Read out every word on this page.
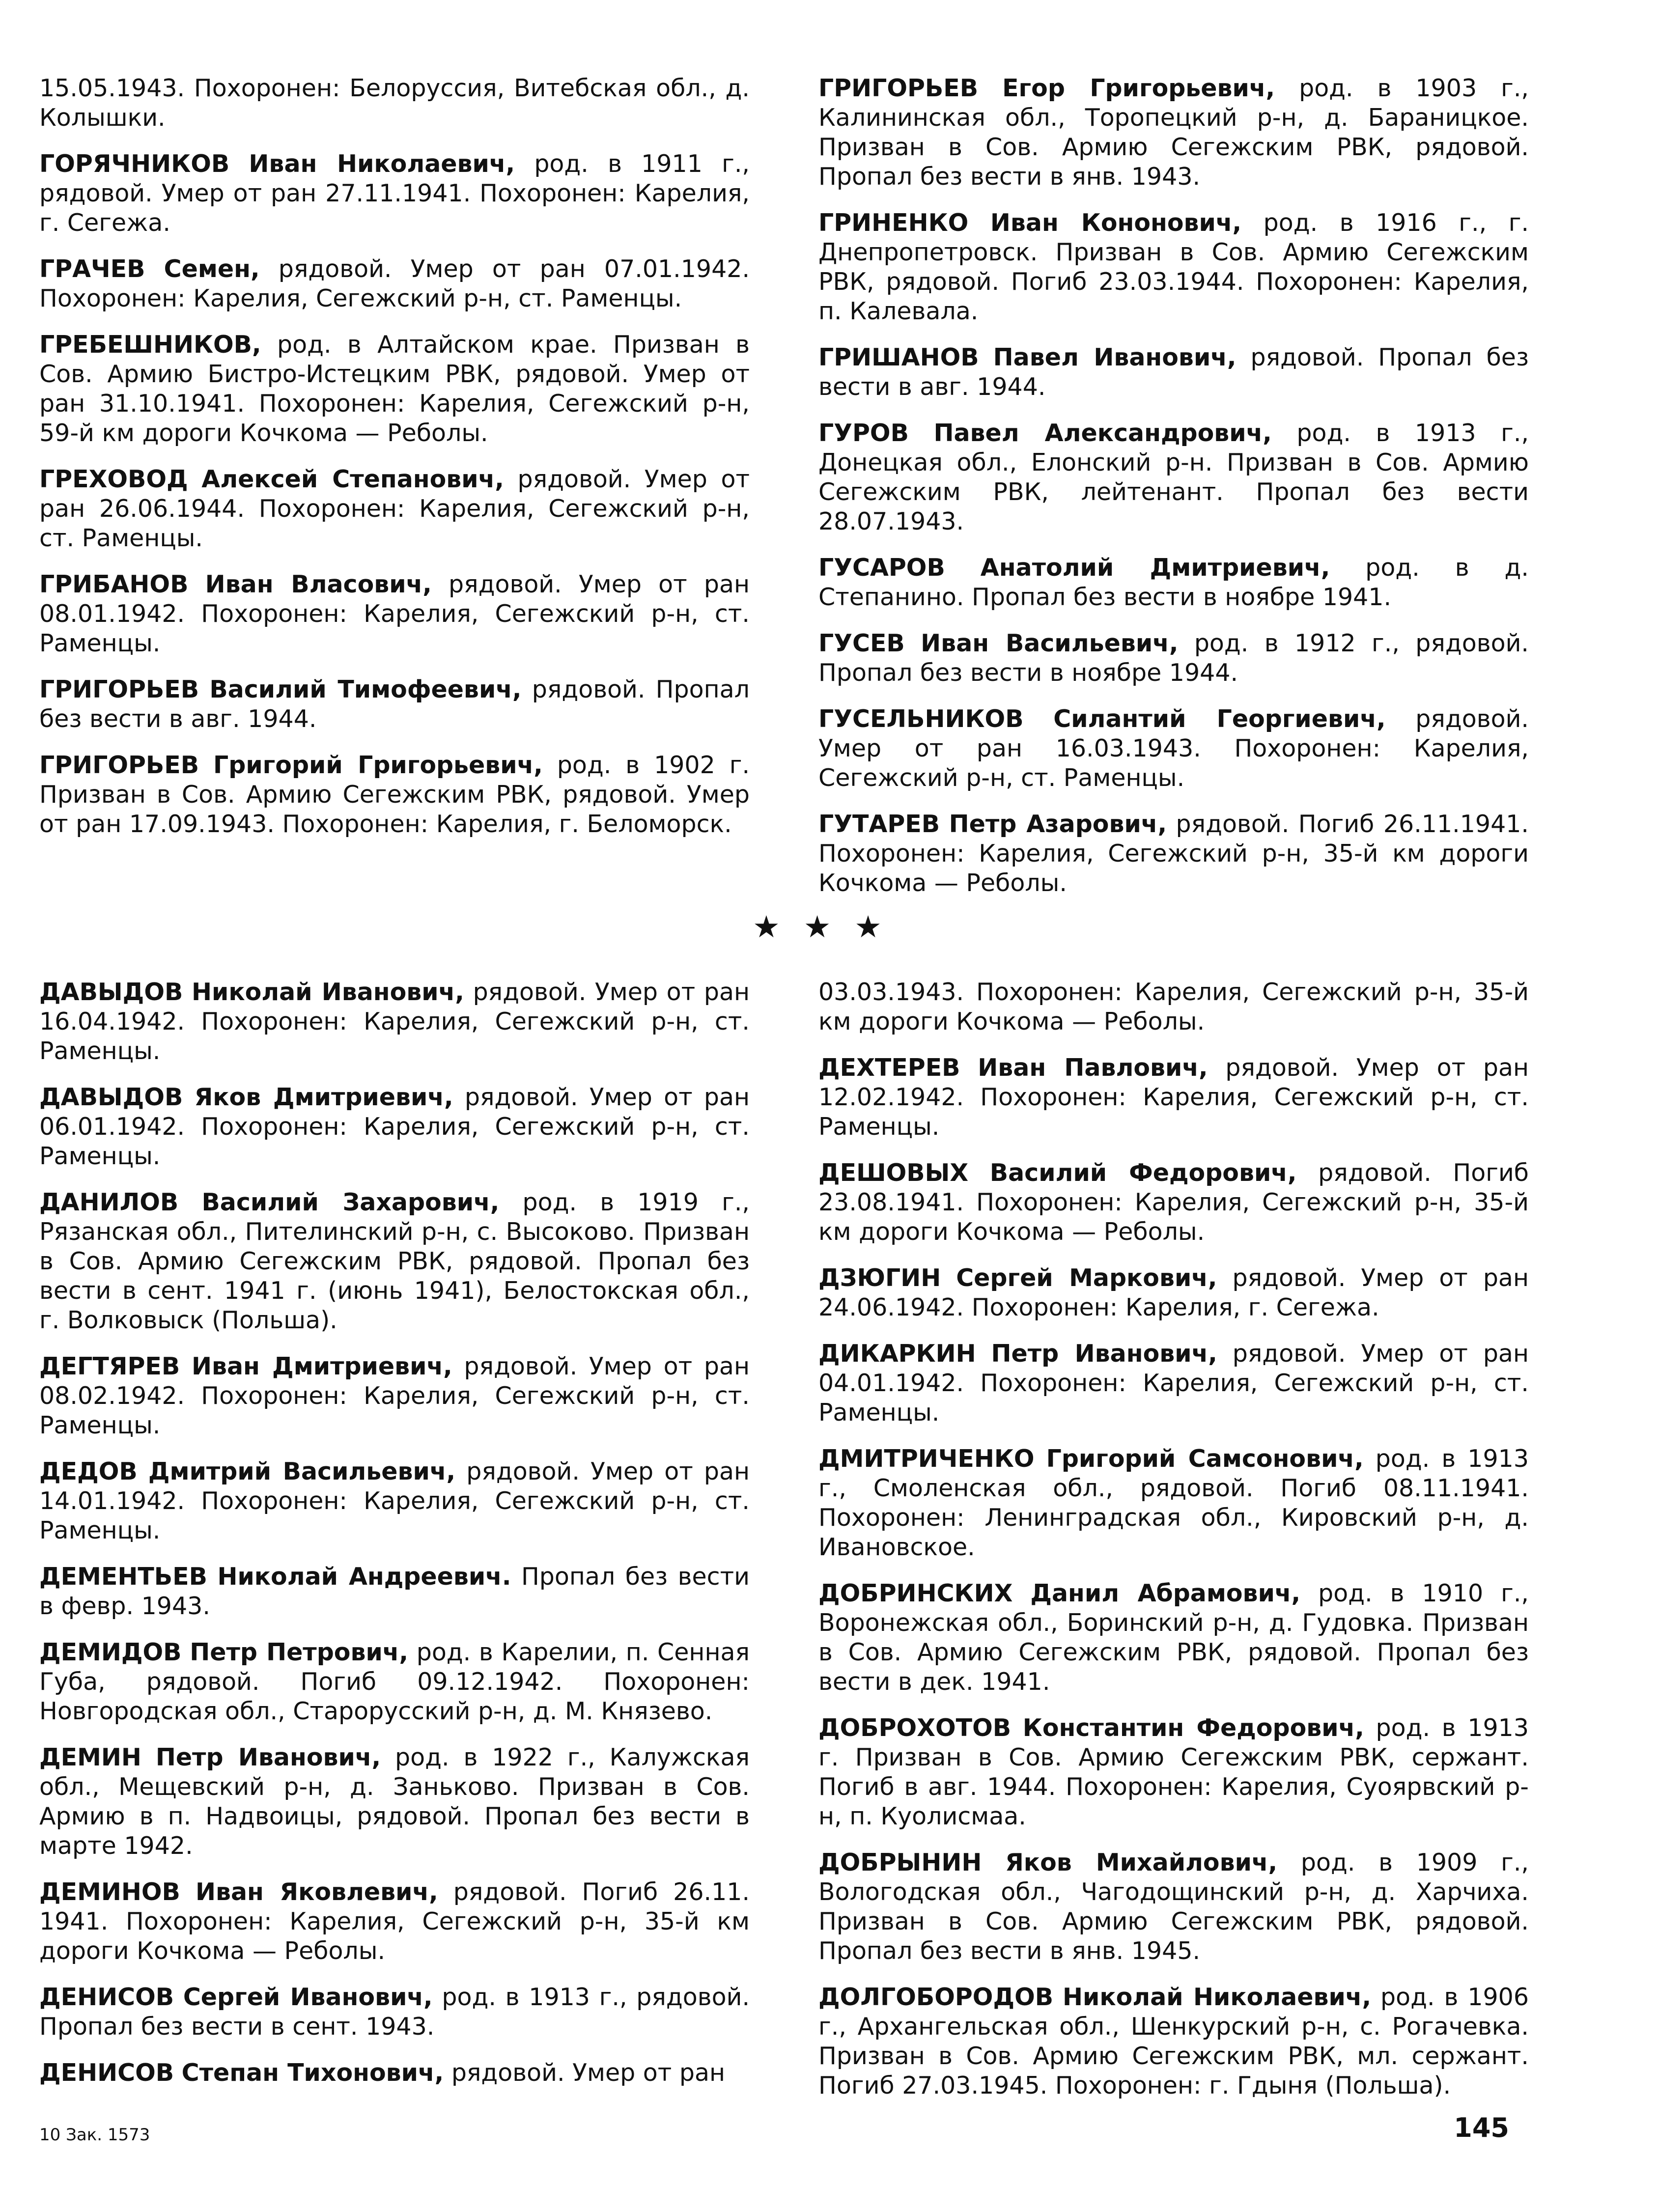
15.05.1943. Похоронен: Белоруссия, Витебская обл., д. Колышки.

ГОРЯЧНИКОВ Иван Николаевич, род. в 1911 г., рядовой. Умер от ран 27.11.1941. Похоронен: Карелия, г. Сегежа.

ГРАЧЕВ Семен, рядовой. Умер от ран 07.01.1942. Похоронен: Карелия, Сегежский р-н, ст. Раменцы.

ГРЕБЕШНИКОВ, род. в Алтайском крае. Призван в Сов. Армию Бистро-Истецким РВК, рядовой. Умер от ран 31.10.1941. Похоронен: Карелия, Сегежский р-н, 59-й км дороги Кочкома — Реболы.

ГРЕХОВОД Алексей Степанович, рядовой. Умер от ран 26.06.1944. Похоронен: Карелия, Сегежский р-н, ст. Раменцы.

ГРИБАНОВ Иван Власович, рядовой. Умер от ран 08.01.1942. Похоронен: Карелия, Сегежский р-н, ст. Раменцы.

ГРИГОРЬЕВ Василий Тимофеевич, рядовой. Пропал без вести в авг. 1944.

ГРИГОРЬЕВ Григорий Григорьевич, род. в 1902 г. Призван в Сов. Армию Сегежским РВК, рядовой. Умер от ран 17.09.1943. Похоронен: Карелия, г. Беломорск.

ГРИГОРЬЕВ Егор Григорьевич, род. в 1903 г., Калининская обл., Торопецкий р-н, д. Бараницкое. Призван в Сов. Армию Сегежским РВК, рядовой. Пропал без вести в янв. 1943.

ГРИНЕНКО Иван Кононович, род. в 1916 г., г. Днепропетровск. Призван в Сов. Армию Сегежским РВК, рядовой. Погиб 23.03.1944. Похоронен: Карелия, п. Калевала.

ГРИШАНОВ Павел Иванович, рядовой. Пропал без вести в авг. 1944.

ГУРОВ Павел Александрович, род. в 1913 г., Донецкая обл., Елонский р-н. Призван в Сов. Армию Сегежским РВК, лейтенант. Пропал без вести 28.07.1943.

ГУСАРОВ Анатолий Дмитриевич, род. в д. Степанино. Пропал без вести в ноябре 1941.

ГУСЕВ Иван Васильевич, род. в 1912 г., рядовой. Пропал без вести в ноябре 1944.

ГУСЕЛЬНИКОВ Силантий Георгиевич, рядовой. Умер от ран 16.03.1943. Похоронен: Карелия, Сегежский р-н, ст. Раменцы.

ГУТАРЕВ Петр Азарович, рядовой. Погиб 26.11.1941. Похоронен: Карелия, Сегежский р-н, 35-й км дороги Кочкома — Реболы.

★★★

ДАВЫДОВ Николай Иванович, рядовой. Умер от ран 16.04.1942. Похоронен: Карелия, Сегежский р-н, ст. Раменцы.

ДАВЫДОВ Яков Дмитриевич, рядовой. Умер от ран 06.01.1942. Похоронен: Карелия, Сегежский р-н, ст. Раменцы.

ДАНИЛОВ Василий Захарович, род. в 1919 г., Рязанская обл., Пителинский р-н, с. Высоково. Призван в Сов. Армию Сегежским РВК, рядовой. Пропал без вести в сент. 1941 г. (июнь 1941), Белостокская обл., г. Волковыск (Польша).

ДЕГТЯРЕВ Иван Дмитриевич, рядовой. Умер от ран 08.02.1942. Похоронен: Карелия, Сегежский р-н, ст. Раменцы.

ДЕДОВ Дмитрий Васильевич, рядовой. Умер от ран 14.01.1942. Похоронен: Карелия, Сегежский р-н, ст. Раменцы.

ДЕМЕНТЬЕВ Николай Андреевич. Пропал без вести в февр. 1943.

ДЕМИДОВ Петр Петрович, род. в Карелии, п. Сенная Губа, рядовой. Погиб 09.12.1942. Похоронен: Новгородская обл., Старорусский р-н, д. М. Князево.

ДЕМИН Петр Иванович, род. в 1922 г., Калужская обл., Мещевский р-н, д. Заньково. Призван в Сов. Армию в п. Надвоицы, рядовой. Пропал без вести в марте 1942.

ДЕМИНОВ Иван Яковлевич, рядовой. Погиб 26.11. 1941. Похоронен: Карелия, Сегежский р-н, 35-й км дороги Кочкома — Реболы.

ДЕНИСОВ Сергей Иванович, род. в 1913 г., рядовой. Пропал без вести в сент. 1943.

ДЕНИСОВ Степан Тихонович, рядовой. Умер от ран

03.03.1943. Похоронен: Карелия, Сегежский р-н, 35-й км дороги Кочкома — Реболы.

ДЕХТЕРЕВ Иван Павлович, рядовой. Умер от ран 12.02.1942. Похоронен: Карелия, Сегежский р-н, ст. Раменцы.

ДЕШОВЫХ Василий Федорович, рядовой. Погиб 23.08.1941. Похоронен: Карелия, Сегежский р-н, 35-й км дороги Кочкома — Реболы.

ДЗЮГИН Сергей Маркович, рядовой. Умер от ран 24.06.1942. Похоронен: Карелия, г. Сегежа.

ДИКАРКИН Петр Иванович, рядовой. Умер от ран 04.01.1942. Похоронен: Карелия, Сегежский р-н, ст. Раменцы.

ДМИТРИЧЕНКО Григорий Самсонович, род. в 1913 г., Смоленская обл., рядовой. Погиб 08.11.1941. Похоронен: Ленинградская обл., Кировский р-н, д. Ивановское.

ДОБРИНСКИХ Данил Абрамович, род. в 1910 г., Воронежская обл., Боринский р-н, д. Гудовка. Призван в Сов. Армию Сегежским РВК, рядовой. Пропал без вести в дек. 1941.

ДОБРОХОТОВ Константин Федорович, род. в 1913 г. Призван в Сов. Армию Сегежским РВК, сержант. Погиб в авг. 1944. Похоронен: Карелия, Суоярвский р-н, п. Куолисмаа.

ДОБРЫНИН Яков Михайлович, род. в 1909 г., Вологодская обл., Чагодощинский р-н, д. Харчиха. Призван в Сов. Армию Сегежским РВК, рядовой. Пропал без вести в янв. 1945.

ДОЛГОБОРОДОВ Николай Николаевич, род. в 1906 г., Архангельская обл., Шенкурский р-н, с. Рогачевка. Призван в Сов. Армию Сегежским РВК, мл. сержант. Погиб 27.03.1945. Похоронен: г. Гдыня (Польша).

10 Зак. 1573	145
